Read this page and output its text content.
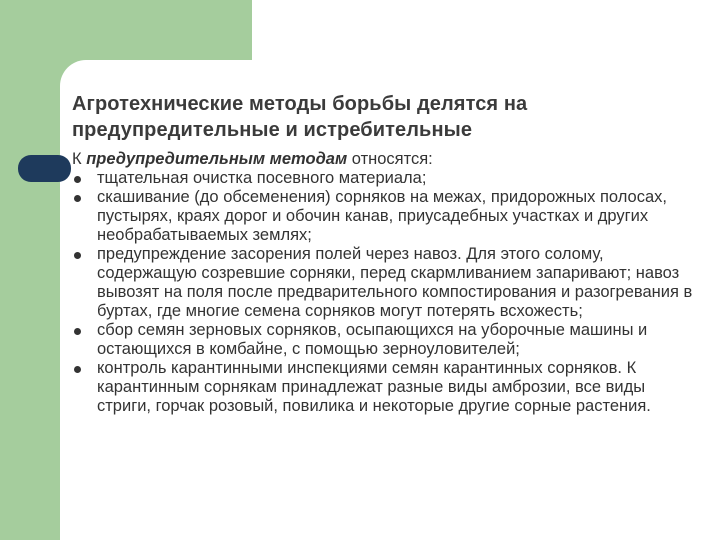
Агротехнические методы борьбы делятся на предупредительные и истребительные

К предупредительным методам относятся:

тщательная очистка посевного материала;
скашивание (до обсеменения) сорняков на межах, придорожных полосах, пустырях, краях дорог и обочин канав, приусадебных участках и других необрабатываемых землях;
предупреждение засорения полей через навоз. Для этого солому, содержащую созревшие сорняки, перед скармливанием запаривают; навоз вывозят на поля после предварительного компостирования и разогревания в буртах, где многие семена сорняков могут потерять всхожесть;
сбор семян зерновых сорняков, осыпающихся на уборочные машины и остающихся в комбайне, с помощью зерноуловителей;
контроль карантинными инспекциями семян карантинных сорняков. К карантинным сорнякам принадлежат разные виды амброзии, все виды стриги, горчак розовый, повилика и некоторые другие сорные растения.
